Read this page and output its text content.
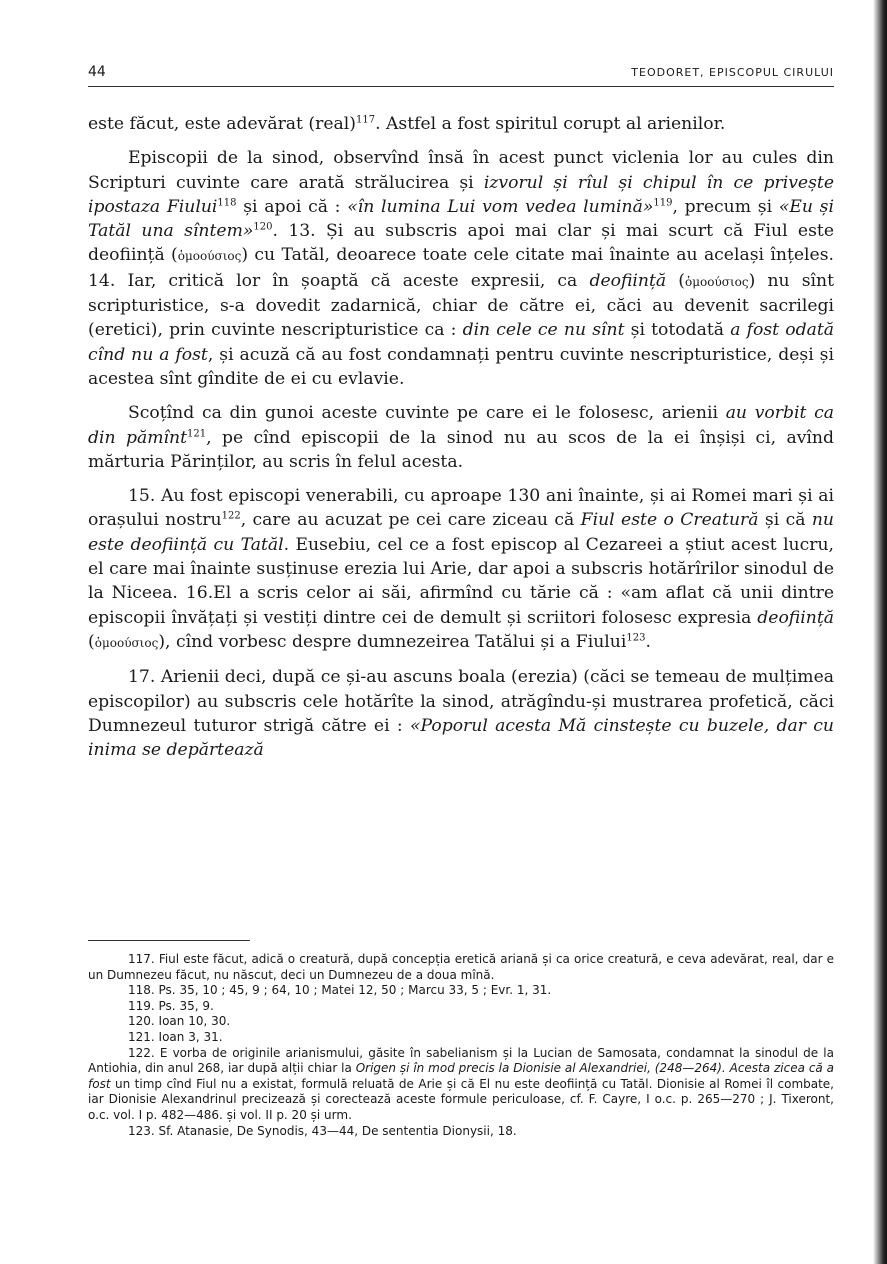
44	TEODORET, EPISCOPUL CIRULUI

este făcut, este adevărat (real)$^{117}$. Astfel a fost spiritul corupt al arienilor.

Episcopii de la sinod, observînd însă în acest punct viclenia lor au cules din Scripturi cuvinte care arată strălucirea și izvorul și rîul și chipul în ce privește ipostaza Fiului$^{118}$ și apoi că : «în lumina Lui vom vedea lumină»$^{119}$, precum și «Eu și Tatăl una sîntem»$^{120}$. 13. Și au subscris apoi mai clar și mai scurt că Fiul este deoființă (ὁμοούσιος) cu Tatăl, deoarece toate cele citate mai înainte au același înțeles. 14. Iar, critică lor în șoaptă că aceste expresii, ca deoființă (ὁμοούσιος) nu sînt scripturistice, s-a dovedit zadarnică, chiar de către ei, căci au devenit sacrilegi (eretici), prin cuvinte nescripturistice ca : din cele ce nu sînt și totodată a fost odată cînd nu a fost, și acuză că au fost condamnați pentru cuvinte nescripturistice, deși și acestea sînt gîndite de ei cu evlavie.

Scoțînd ca din gunoi aceste cuvinte pe care ei le folosesc, arienii au vorbit ca din pămînt$^{121}$, pe cînd episcopii de la sinod nu au scos de la ei înșiși ci, avînd mărturia Părinților, au scris în felul acesta.

15. Au fost episcopi venerabili, cu aproape 130 ani înainte, și ai Romei mari și ai orașului nostru$^{122}$, care au acuzat pe cei care ziceau că Fiul este o Creatură și că nu este deoființă cu Tatăl. Eusebiu, cel ce a fost episcop al Cezareei a știut acest lucru, el care mai înainte susținuse erezia lui Arie, dar apoi a subscris hotărîrilor sinodul de la Niceea. 16.El a scris celor ai săi, afirmînd cu tărie că : «am aflat că unii dintre episcopii învățați și vestiți dintre cei de demult și scriitori folosesc expresia deoființă (ὁμοούσιος), cînd vorbesc despre dumnezeirea Tatălui și a Fiului$^{123}$.

17. Arienii deci, după ce și-au ascuns boala (erezia) (căci se temeau de mulțimea episcopilor) au subscris cele hotărîte la sinod, atrăgîndu-și mustrarea profetică, căci Dumnezeul tuturor strigă către ei : «Poporul acesta Mă cinstește cu buzele, dar cu inima se depărtează

117. Fiul este făcut, adică o creatură, după concepția eretică ariană și ca orice creatură, e ceva adevărat, real, dar e un Dumnezeu făcut, nu născut, deci un Dumnezeu de a doua mînă.

118. Ps. 35, 10 ; 45, 9 ; 64, 10 ; Matei 12, 50 ; Marcu 33, 5 ; Evr. 1, 31.

119. Ps. 35, 9.

120. Ioan 10, 30.

121. Ioan 3, 31.

122. E vorba de originile arianismului, găsite în sabelianism și la Lucian de Samosata, condamnat la sinodul de la Antiohia, din anul 268, iar după alții chiar la Origen și în mod precis la Dionisie al Alexandriei, (248—264). Acesta zicea că a fost un timp cînd Fiul nu a existat, formulă reluată de Arie și că El nu este deoființă cu Tatăl. Dionisie al Romei îl combate, iar Dionisie Alexandrinul precizează și corectează aceste formule periculoase, cf. F. Cayre, I o.c. p. 265—270 ; J. Tixeront, o.c. vol. I p. 482—486. și vol. II p. 20 și urm.

123. Sf. Atanasie, De Synodis, 43—44, De sententia Dionysii, 18.
